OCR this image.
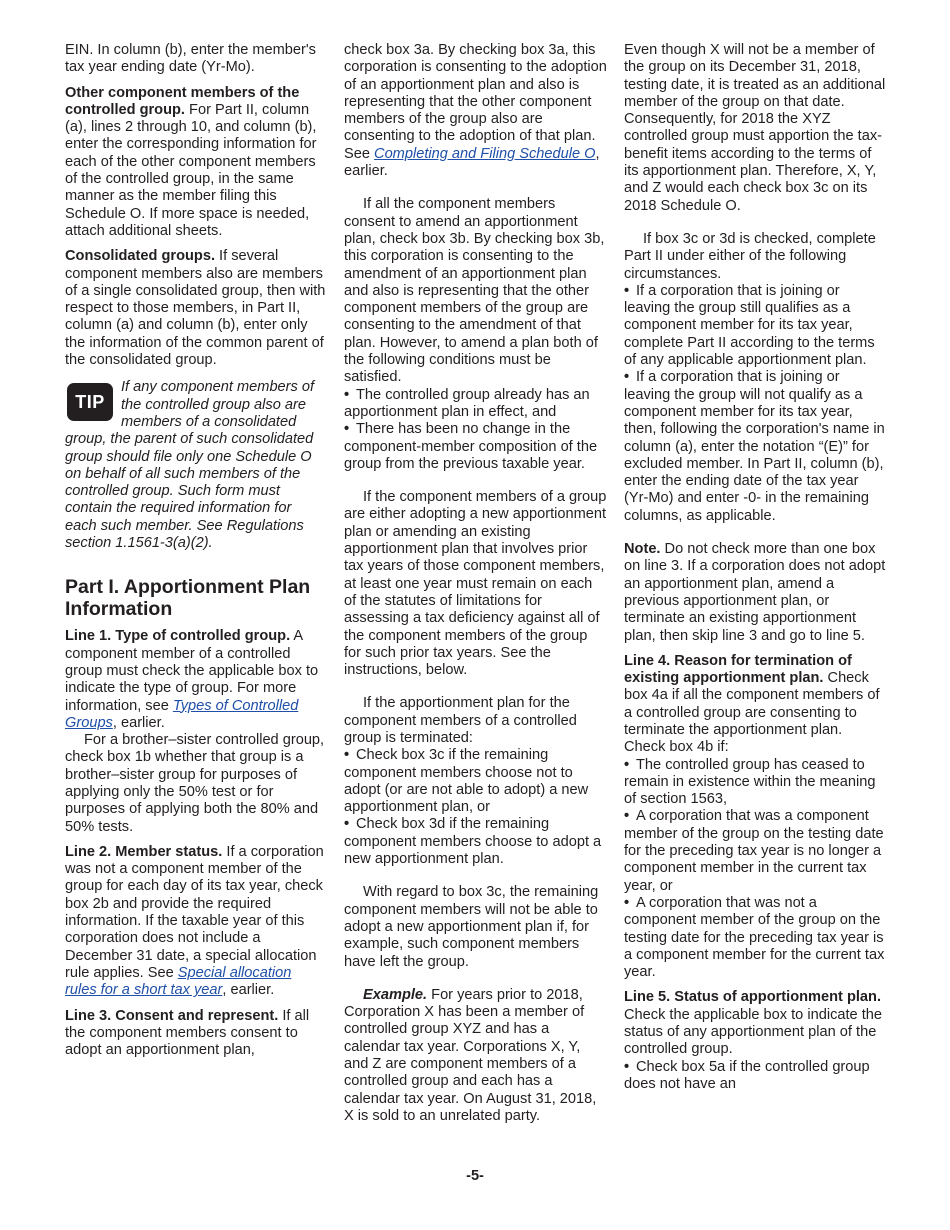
EIN. In column (b), enter the member's tax year ending date (Yr-Mo).

Other component members of the controlled group. For Part II, column (a), lines 2 through 10, and column (b), enter the corresponding information for each of the other component members of the controlled group, in the same manner as the member filing this Schedule O. If more space is needed, attach additional sheets.

Consolidated groups. If several component members also are members of a single consolidated group, then with respect to those members, in Part II, column (a) and column (b), enter only the information of the common parent of the consolidated group.

TIP
If any component members of the controlled group also are members of a consolidated group, the parent of such consolidated group should file only one Schedule O on behalf of all such members of the controlled group. Such form must contain the required information for each such member. See Regulations section 1.1561-3(a)(2).
Part I. Apportionment Plan Information

Line 1. Type of controlled group. A component member of a controlled group must check the applicable box to indicate the type of group. For more information, see Types of Controlled Groups, earlier.

For a brother–sister controlled group, check box 1b whether that group is a brother–sister group for purposes of applying only the 50% test or for purposes of applying both the 80% and 50% tests.

Line 2. Member status. If a corporation was not a component member of the group for each day of its tax year, check box 2b and provide the required information. If the taxable year of this corporation does not include a December 31 date, a special allocation rule applies. See Special allocation rules for a short tax year, earlier.

Line 3. Consent and represent. If all the component members consent to adopt an apportionment plan,

check box 3a. By checking box 3a, this corporation is consenting to the adoption of an apportionment plan and also is representing that the other component members of the group also are consenting to the adoption of that plan. See Completing and Filing Schedule O, earlier.

If all the component members consent to amend an apportionment plan, check box 3b. By checking box 3b, this corporation is consenting to the amendment of an apportionment plan and also is representing that the other component members of the group are consenting to the amendment of that plan. However, to amend a plan both of the following conditions must be satisfied.

• The controlled group already has an apportionment plan in effect, and
• There has been no change in the component-member composition of the group from the previous taxable year.

If the component members of a group are either adopting a new apportionment plan or amending an existing apportionment plan that involves prior tax years of those component members, at least one year must remain on each of the statutes of limitations for assessing a tax deficiency against all of the component members of the group for such prior tax years. See the instructions, below.

If the apportionment plan for the component members of a controlled group is terminated:

• Check box 3c if the remaining component members choose not to adopt (or are not able to adopt) a new apportionment plan, or
• Check box 3d if the remaining component members choose to adopt a new apportionment plan.

With regard to box 3c, the remaining component members will not be able to adopt a new apportionment plan if, for example, such component members have left the group.

Example. For years prior to 2018, Corporation X has been a member of controlled group XYZ and has a calendar tax year. Corporations X, Y, and Z are component members of a controlled group and each has a calendar tax year. On August 31, 2018, X is sold to an unrelated party.

Even though X will not be a member of the group on its December 31, 2018, testing date, it is treated as an additional member of the group on that date. Consequently, for 2018 the XYZ controlled group must apportion the tax-benefit items according to the terms of its apportionment plan. Therefore, X, Y, and Z would each check box 3c on its 2018 Schedule O.

If box 3c or 3d is checked, complete Part II under either of the following circumstances.

• If a corporation that is joining or leaving the group still qualifies as a component member for its tax year, complete Part II according to the terms of any applicable apportionment plan.
• If a corporation that is joining or leaving the group will not qualify as a component member for its tax year, then, following the corporation's name in column (a), enter the notation “(E)” for excluded member. In Part II, column (b), enter the ending date of the tax year (Yr-Mo) and enter -0- in the remaining columns, as applicable.

Note. Do not check more than one box on line 3. If a corporation does not adopt an apportionment plan, amend a previous apportionment plan, or terminate an existing apportionment plan, then skip line 3 and go to line 5.

Line 4. Reason for termination of existing apportionment plan. Check box 4a if all the component members of a controlled group are consenting to terminate the apportionment plan. Check box 4b if:

• The controlled group has ceased to remain in existence within the meaning of section 1563,
• A corporation that was a component member of the group on the testing date for the preceding tax year is no longer a component member in the current tax year, or
• A corporation that was not a component member of the group on the testing date for the preceding tax year is a component member for the current tax year.

Line 5. Status of apportionment plan. Check the applicable box to indicate the status of any apportionment plan of the controlled group.

• Check box 5a if the controlled group does not have an
-5-
